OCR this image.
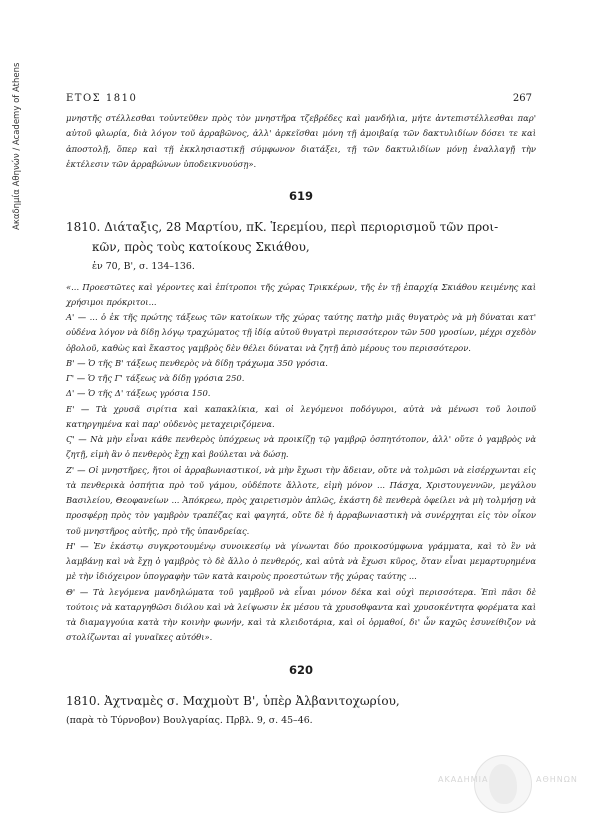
Ακαδημία Αθηνών / Academy of Athens	ΕΤΟΣ 1810	267

μνηστῆς στέλλεσθαι τοὐντεῦθεν πρὸς τὸν μνηστῆρα τζεβρέδες καὶ μανδήλια, μήτε ἀντεπιστέλλεσθαι παρ' αὐτοῦ φλωρία, διὰ λόγον τοῦ ἀρραβῶνος, ἀλλ' ἀρκεῖσθαι μόνη τῇ ἀμοιβαίᾳ τῶν δακτυλιδίων δόσει τε καὶ ἀποστολῇ, ὅπερ καὶ τῇ ἐκκλησιαστικῇ σύμφωνον διατάξει, τῇ τῶν δακτυλιδίων μόνῃ ἐναλλαγῇ τὴν ἐκτέλεσιν τῶν ἀρραβώνων ὑποδεικνυούσῃ».

619

1810. Διάταξις, 28 Μαρτίου, πΚ. Ἱερεμίου, περὶ περιορισμοῦ τῶν προι-

κῶν, πρὸς τοὺς κατοίκους Σκιάθου,

ἐν 70, Β', σ. 134–136.

«... Προεστῶτες καὶ γέροντες καὶ ἐπίτροποι τῆς χώρας Τρικκέρων, τῆς ἐν τῇ ἐπαρχίᾳ Σκιάθου κειμένης καὶ χρήσιμοι πρόκριτοι...

Α' — ... ὁ ἐκ τῆς πρώτης τάξεως τῶν κατοίκων τῆς χώρας ταύτης πατὴρ μιᾶς θυγατρὸς νὰ μὴ δύναται κατ' οὐδένα λόγον νὰ δίδῃ λόγῳ τραχώματος τῇ ἰδίᾳ αὐτοῦ θυγατρὶ περισσότερον τῶν 500 γροσίων, μέχρι σχεδὸν ὀβολοῦ, καθὼς καὶ ἕκαστος γαμβρὸς δὲν θέλει δύναται νὰ ζητῇ ἀπὸ μέρους του περισσότερον.

Β' — Ὁ τῆς Β' τάξεως πενθερὸς νὰ δίδῃ τράχωμα 350 γρόσια.

Γ' — Ὁ τῆς Γ' τάξεως νὰ δίδῃ γρόσια 250.

Δ' — Ὁ τῆς Δ' τάξεως γρόσια 150.

Ε' — Τὰ χρυσᾶ σιρίτια καὶ καπακλίκια, καὶ οἱ λεγόμενοι ποδόγυροι, αὐτὰ νὰ μένωσι τοῦ λοιποῦ κατηργημένα καὶ παρ' οὐδενὸς μεταχειριζόμενα.

Ϛ' — Νὰ μὴν εἶναι κάθε πενθερὸς ὑπόχρεως νὰ προικίζῃ τῷ γαμβρῷ ὀσπητότοπον, ἀλλ' οὔτε ὁ γαμβρὸς νὰ ζητῇ, εἰμὴ ἂν ὁ πενθερὸς ἔχῃ καὶ βούλεται νὰ δώσῃ.

Ζ' — Οἱ μνηστῆρες, ἤτοι οἱ ἀρραβωνιαστικοί, νὰ μὴν ἔχωσι τὴν ἄδειαν, οὔτε νὰ τολμῶσι νὰ εἰσέρχωνται εἰς τὰ πενθερικὰ ὀσπήτια πρὸ τοῦ γάμου, οὐδέποτε ἄλλοτε, εἰμὴ μόνον ... Πάσχα, Χριστουγεννῶν, μεγάλου Βασιλείου, Θεοφανείων ... Ἀπόκρεω, πρὸς χαιρετισμὸν ἁπλῶς, ἑκάστη δὲ πενθερὰ ὀφείλει νὰ μὴ τολμήσῃ νὰ προσφέρῃ πρὸς τὸν γαμβρὸν τραπέζας καὶ φαγητά, οὔτε δὲ ἡ ἀρραβωνιαστικὴ νὰ συνέρχηται εἰς τὸν οἶκον τοῦ μνηστῆρος αὐτῆς, πρὸ τῆς ὑπανδρείας.

Η' — Ἐν ἑκάστῳ συγκροτουμένῳ συνοικεσίῳ νὰ γίνωνται δύο προικοσύμφωνα γράμματα, καὶ τὸ ἓν νὰ λαμβάνῃ καὶ νὰ ἔχῃ ὁ γαμβρὸς τὸ δὲ ἄλλο ὁ πενθερός, καὶ αὐτὰ νὰ ἔχωσι κῦρος, ὅταν εἶναι μεμαρτυρημένα μὲ τὴν ἰδιόχειρον ὑπογραφὴν τῶν κατὰ καιροὺς προεστώτων τῆς χώρας ταύτης ...

Θ' — Τὰ λεγόμενα μανδηλώματα τοῦ γαμβροῦ νὰ εἶναι μόνον δέκα καὶ οὐχὶ περισσότερα. Ἐπὶ πᾶσι δὲ τούτοις νὰ καταργηθῶσι διόλου καὶ νὰ λείψωσιν ἐκ μέσου τὰ χρυσοθφαντα καὶ χρυσοκέντητα φορέματα καὶ τὰ διαμαγγούια κατὰ τὴν κοινὴν φωνήν, καὶ τὰ κλειδοτάρια, καὶ οἱ ὁρμαθοί, δι' ὧν καχῶς ἐσυνείθιζον νὰ στολίζωνται αἱ γυναῖκες αὐτόθι».

620

1810. Ἀχτναμὲς σ. Μαχμοὺτ Β', ὑπὲρ Ἀλβανιτοχωρίου,

(παρὰ τὸ Τύρνοβον) Βουλγαρίας. Πρβλ. 9, σ. 45–46.

ΑΚΑΔΗΜΙΑ	ΑΘΗΝΩΝ
